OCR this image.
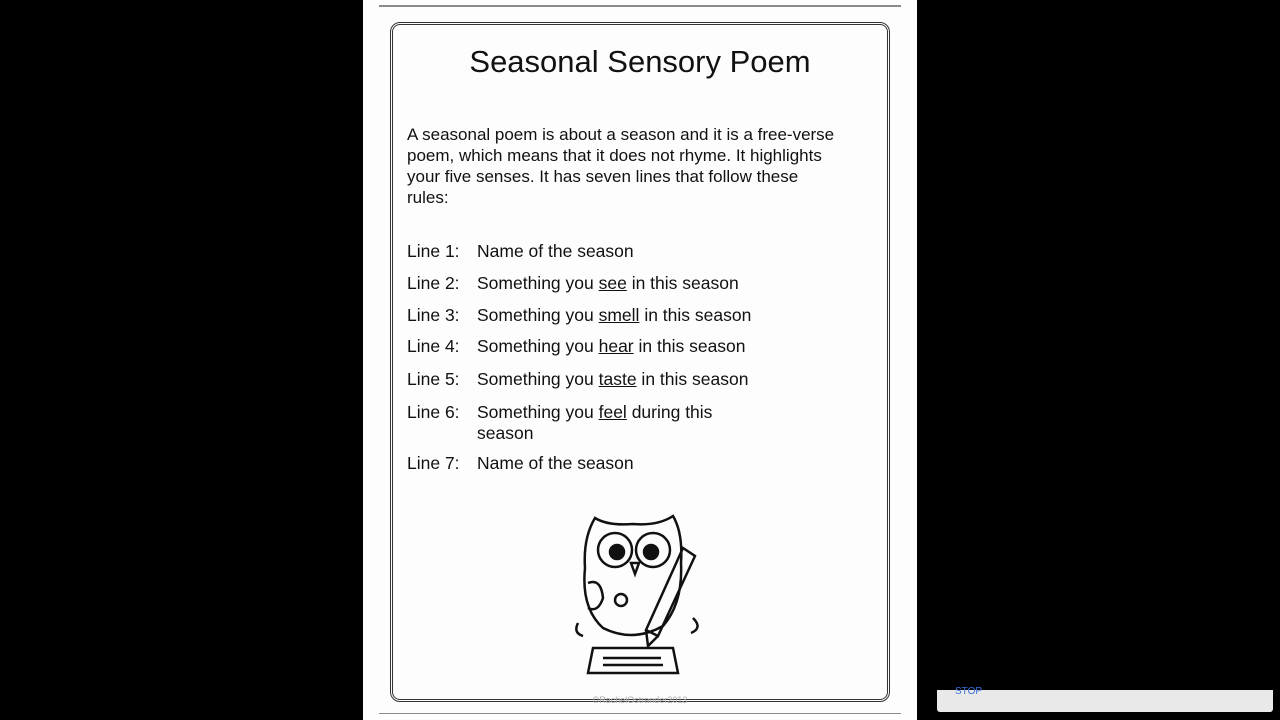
Seasonal Sensory Poem
A seasonal poem is about a season and it is a free-verse poem, which means that it does not rhyme. It highlights your five senses. It has seven lines that follow these rules:
Line 1: Name of the season
Line 2: Something you see in this season
Line 3: Something you smell in this season
Line 4: Something you hear in this season
Line 5: Something you taste in this season
Line 6: Something you feel during this season
Line 7: Name of the season
©RachelOstrander2013
STOP
